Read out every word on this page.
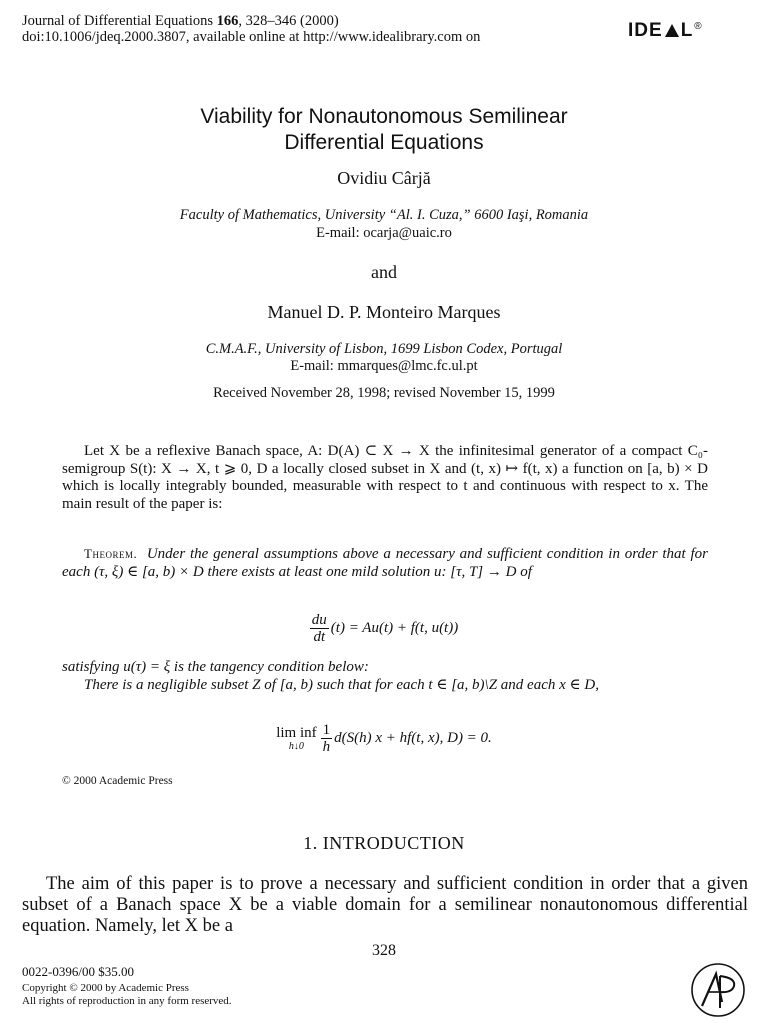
Journal of Differential Equations 166, 328–346 (2000)
doi:10.1006/jdeq.2000.3807, available online at http://www.idealibrary.com on	IDE L®
Viability for Nonautonomous Semilinear
Differential Equations
Ovidiu Cârjă
Faculty of Mathematics, University “Al. I. Cuza,” 6600 Iaşi, Romania
E-mail: ocarja@uaic.ro
and
Manuel D. P. Monteiro Marques
C.M.A.F., University of Lisbon, 1699 Lisbon Codex, Portugal
E-mail: mmarques@lmc.fc.ul.pt
Received November 28, 1998; revised November 15, 1999

Let X be a reflexive Banach space, A: D(A) ⊂ X → X the infinitesimal generator of a compact C₀-semigroup S(t): X → X, t ⩾ 0, D a locally closed subset in X and (t, x) ↦ f(t, x) a function on [a, b) × D which is locally integrably bounded, measurable with respect to t and continuous with respect to x. The main result of the paper is:

Theorem. Under the general assumptions above a necessary and sufficient condition in order that for each (τ, ξ) ∈ [a, b) × D there exists at least one mild solution u: [τ, T] → D of

$\frac{du}{dt} (t) = Au(t) + f(t$, u(t))

satisfying u(τ) = ξ is the tangency condition below:

There is a negligible subset Z of [a, b) such that for each t ∈ [a, b)\Z and each x ∈ D,

lim inf
h↓0	$\frac{1}{h} d(S(h) x + hf(t$, x), D) = 0.
© 2000 Academic Press
1. INTRODUCTION

The aim of this paper is to prove a necessary and sufficient condition in order that a given subset of a Banach space X be a viable domain for a semilinear nonautonomous differential equation. Namely, let X be a

328
0022-0396/00 $35.00
Copyright © 2000 by Academic Press
All rights of reproduction in any form reserved.
